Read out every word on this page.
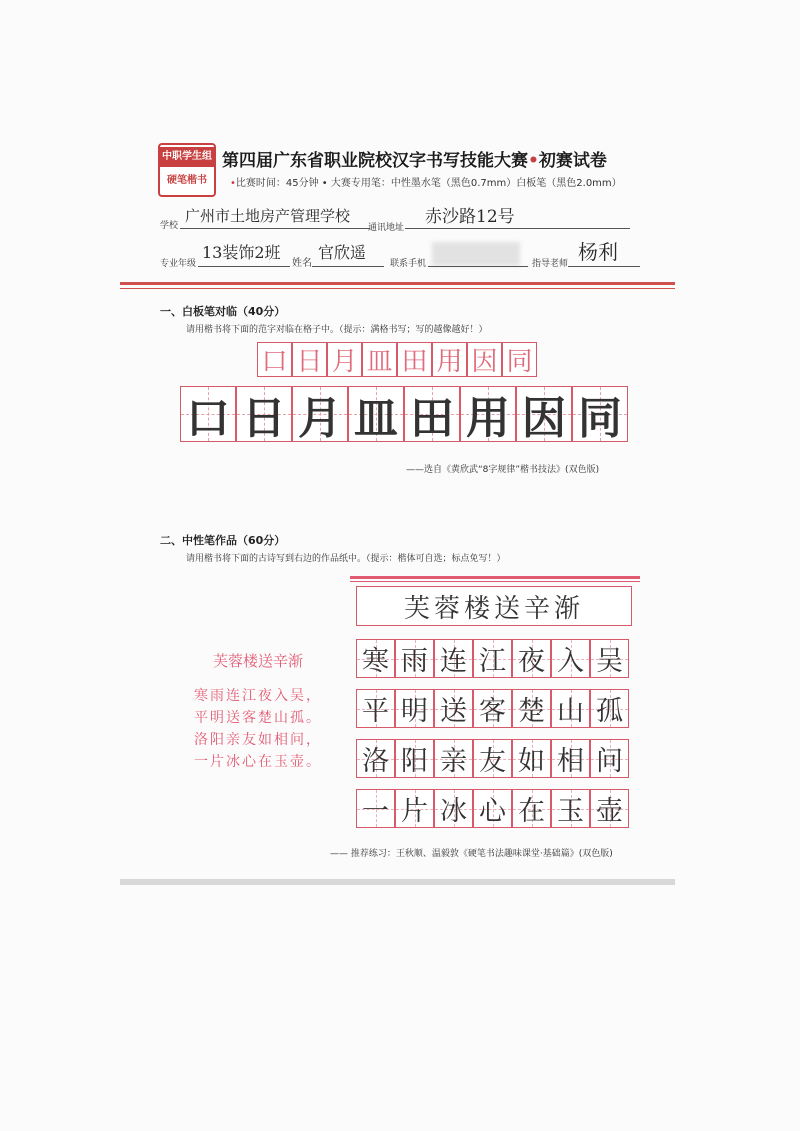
中职学生组
硬笔楷书
第四届广东省职业院校汉字书写技能大赛•初赛试卷
•比赛时间：45分钟 • 大赛专用笔：中性墨水笔（黑色0.7mm）白板笔（黑色2.0mm）
学校
广州市土地房产管理学校
通讯地址
赤沙路12号
专业年级
13装饰2班
姓名
官欣遥
联系手机	指导老师 杨利
一、白板笔对临（40分）
请用楷书将下面的范字对临在格子中。（提示：满格书写；写的越像越好！）
口 日 月 皿 田 用 因 同
口 日 月 皿 田 用 因 同
——选自《黄欣武“8字规律”楷书技法》(双色版)
二、中性笔作品（60分）
请用楷书将下面的古诗写到右边的作品纸中。（提示：楷体可自选；标点免写！）
芙蓉楼送辛渐
寒雨连江夜入吴，
平明送客楚山孤。
洛阳亲友如相问，
一片冰心在玉壶。
芙蓉楼送辛渐
寒 雨 连 江 夜 入 吴
平 明 送 客 楚 山 孤
洛 阳 亲 友 如 相 问
一 片 冰 心 在 玉 壶
—— 推荐练习：王秋顺、温毅敦《硬笔书法趣味课堂·基础篇》(双色版)
